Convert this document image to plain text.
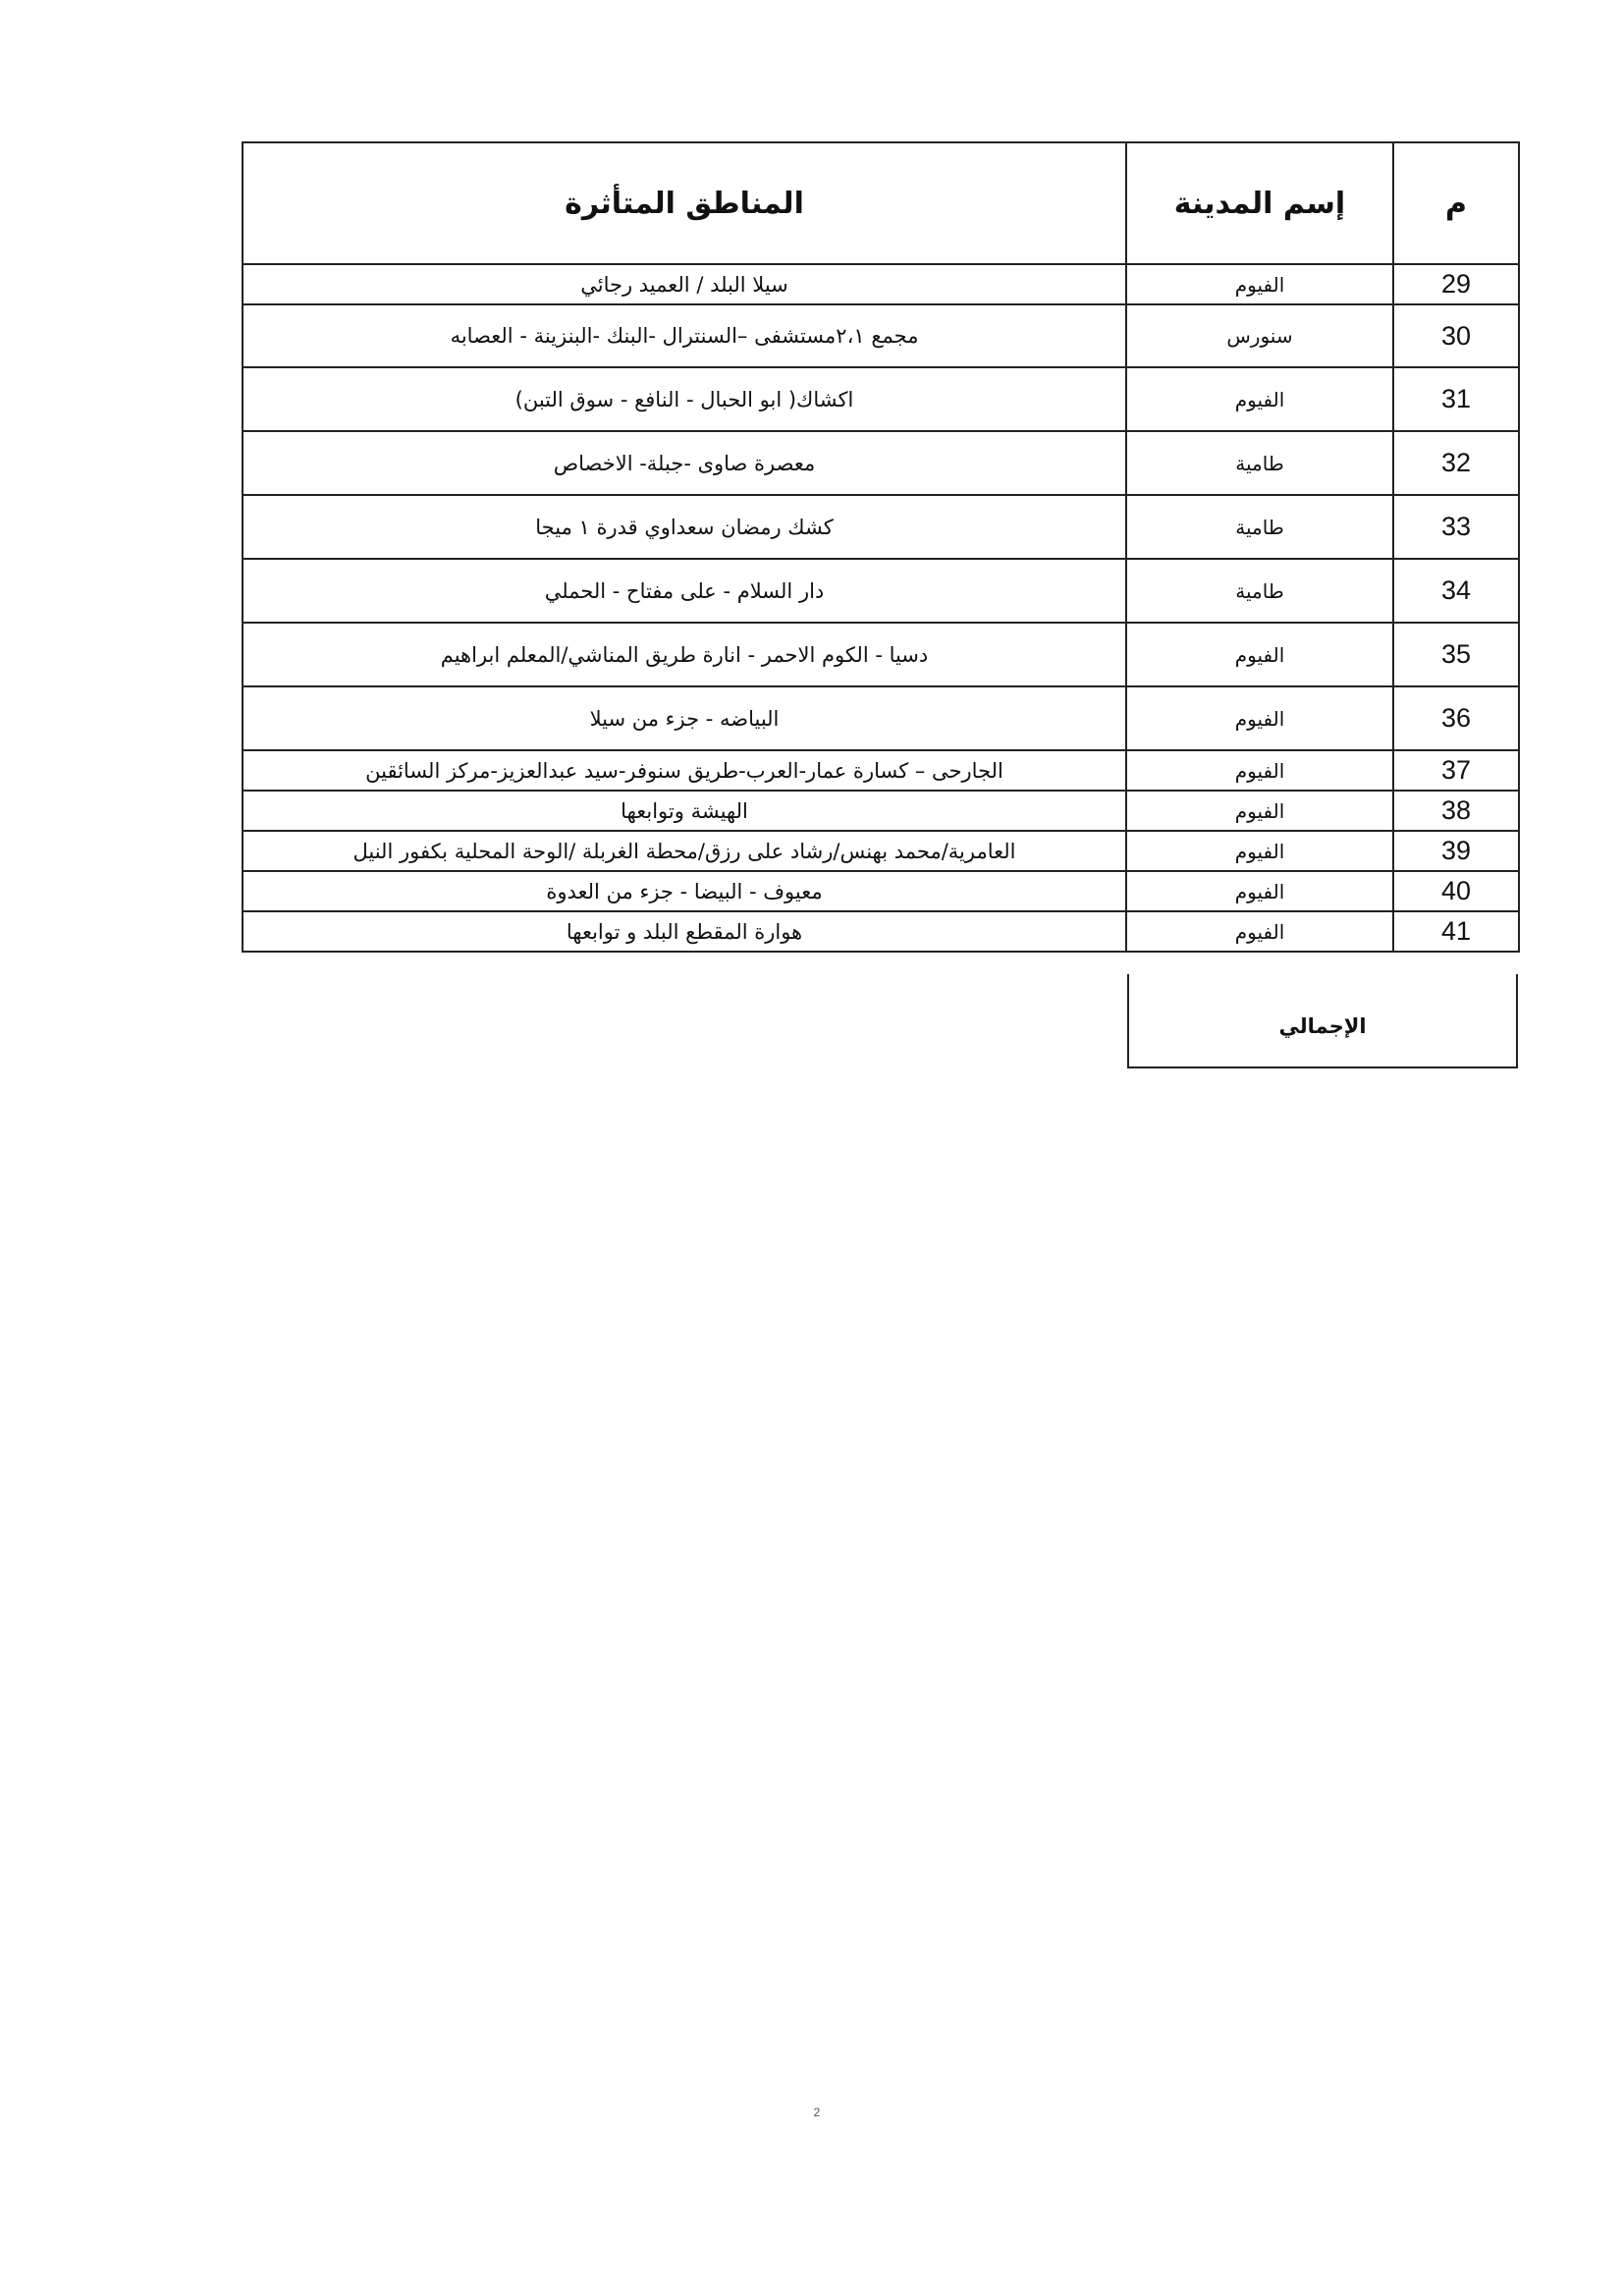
م	إسم المدينة	المناطق المتأثرة
29	الفيوم	سيلا البلد / العميد رجائي
30	سنورس	مجمع ٢،١مستشفى –السنترال -البنك -البنزينة - العصابه
31	الفيوم	اكشاك( ابو الحبال - النافع - سوق التبن)
32	طامية	معصرة صاوى -جبلة- الاخصاص
33	طامية	كشك رمضان سعداوي قدرة ١ ميجا
34	طامية	دار السلام - على مفتاح - الحملي
35	الفيوم	دسيا - الكوم الاحمر - انارة طريق المناشي/المعلم ابراهيم
36	الفيوم	البياضه - جزء من سيلا
37	الفيوم	الجارحى – كسارة عمار-العرب-طريق سنوفر-سيد عبدالعزيز-مركز السائقين
38	الفيوم	الهيشة وتوابعها
39	الفيوم	العامرية/محمد بهنس/رشاد على رزق/محطة الغربلة /الوحة المحلية بكفور النيل
40	الفيوم	معيوف - البيضا - جزء من العدوة
41	الفيوم	هوارة المقطع البلد و توابعها
الإجمالي
2
